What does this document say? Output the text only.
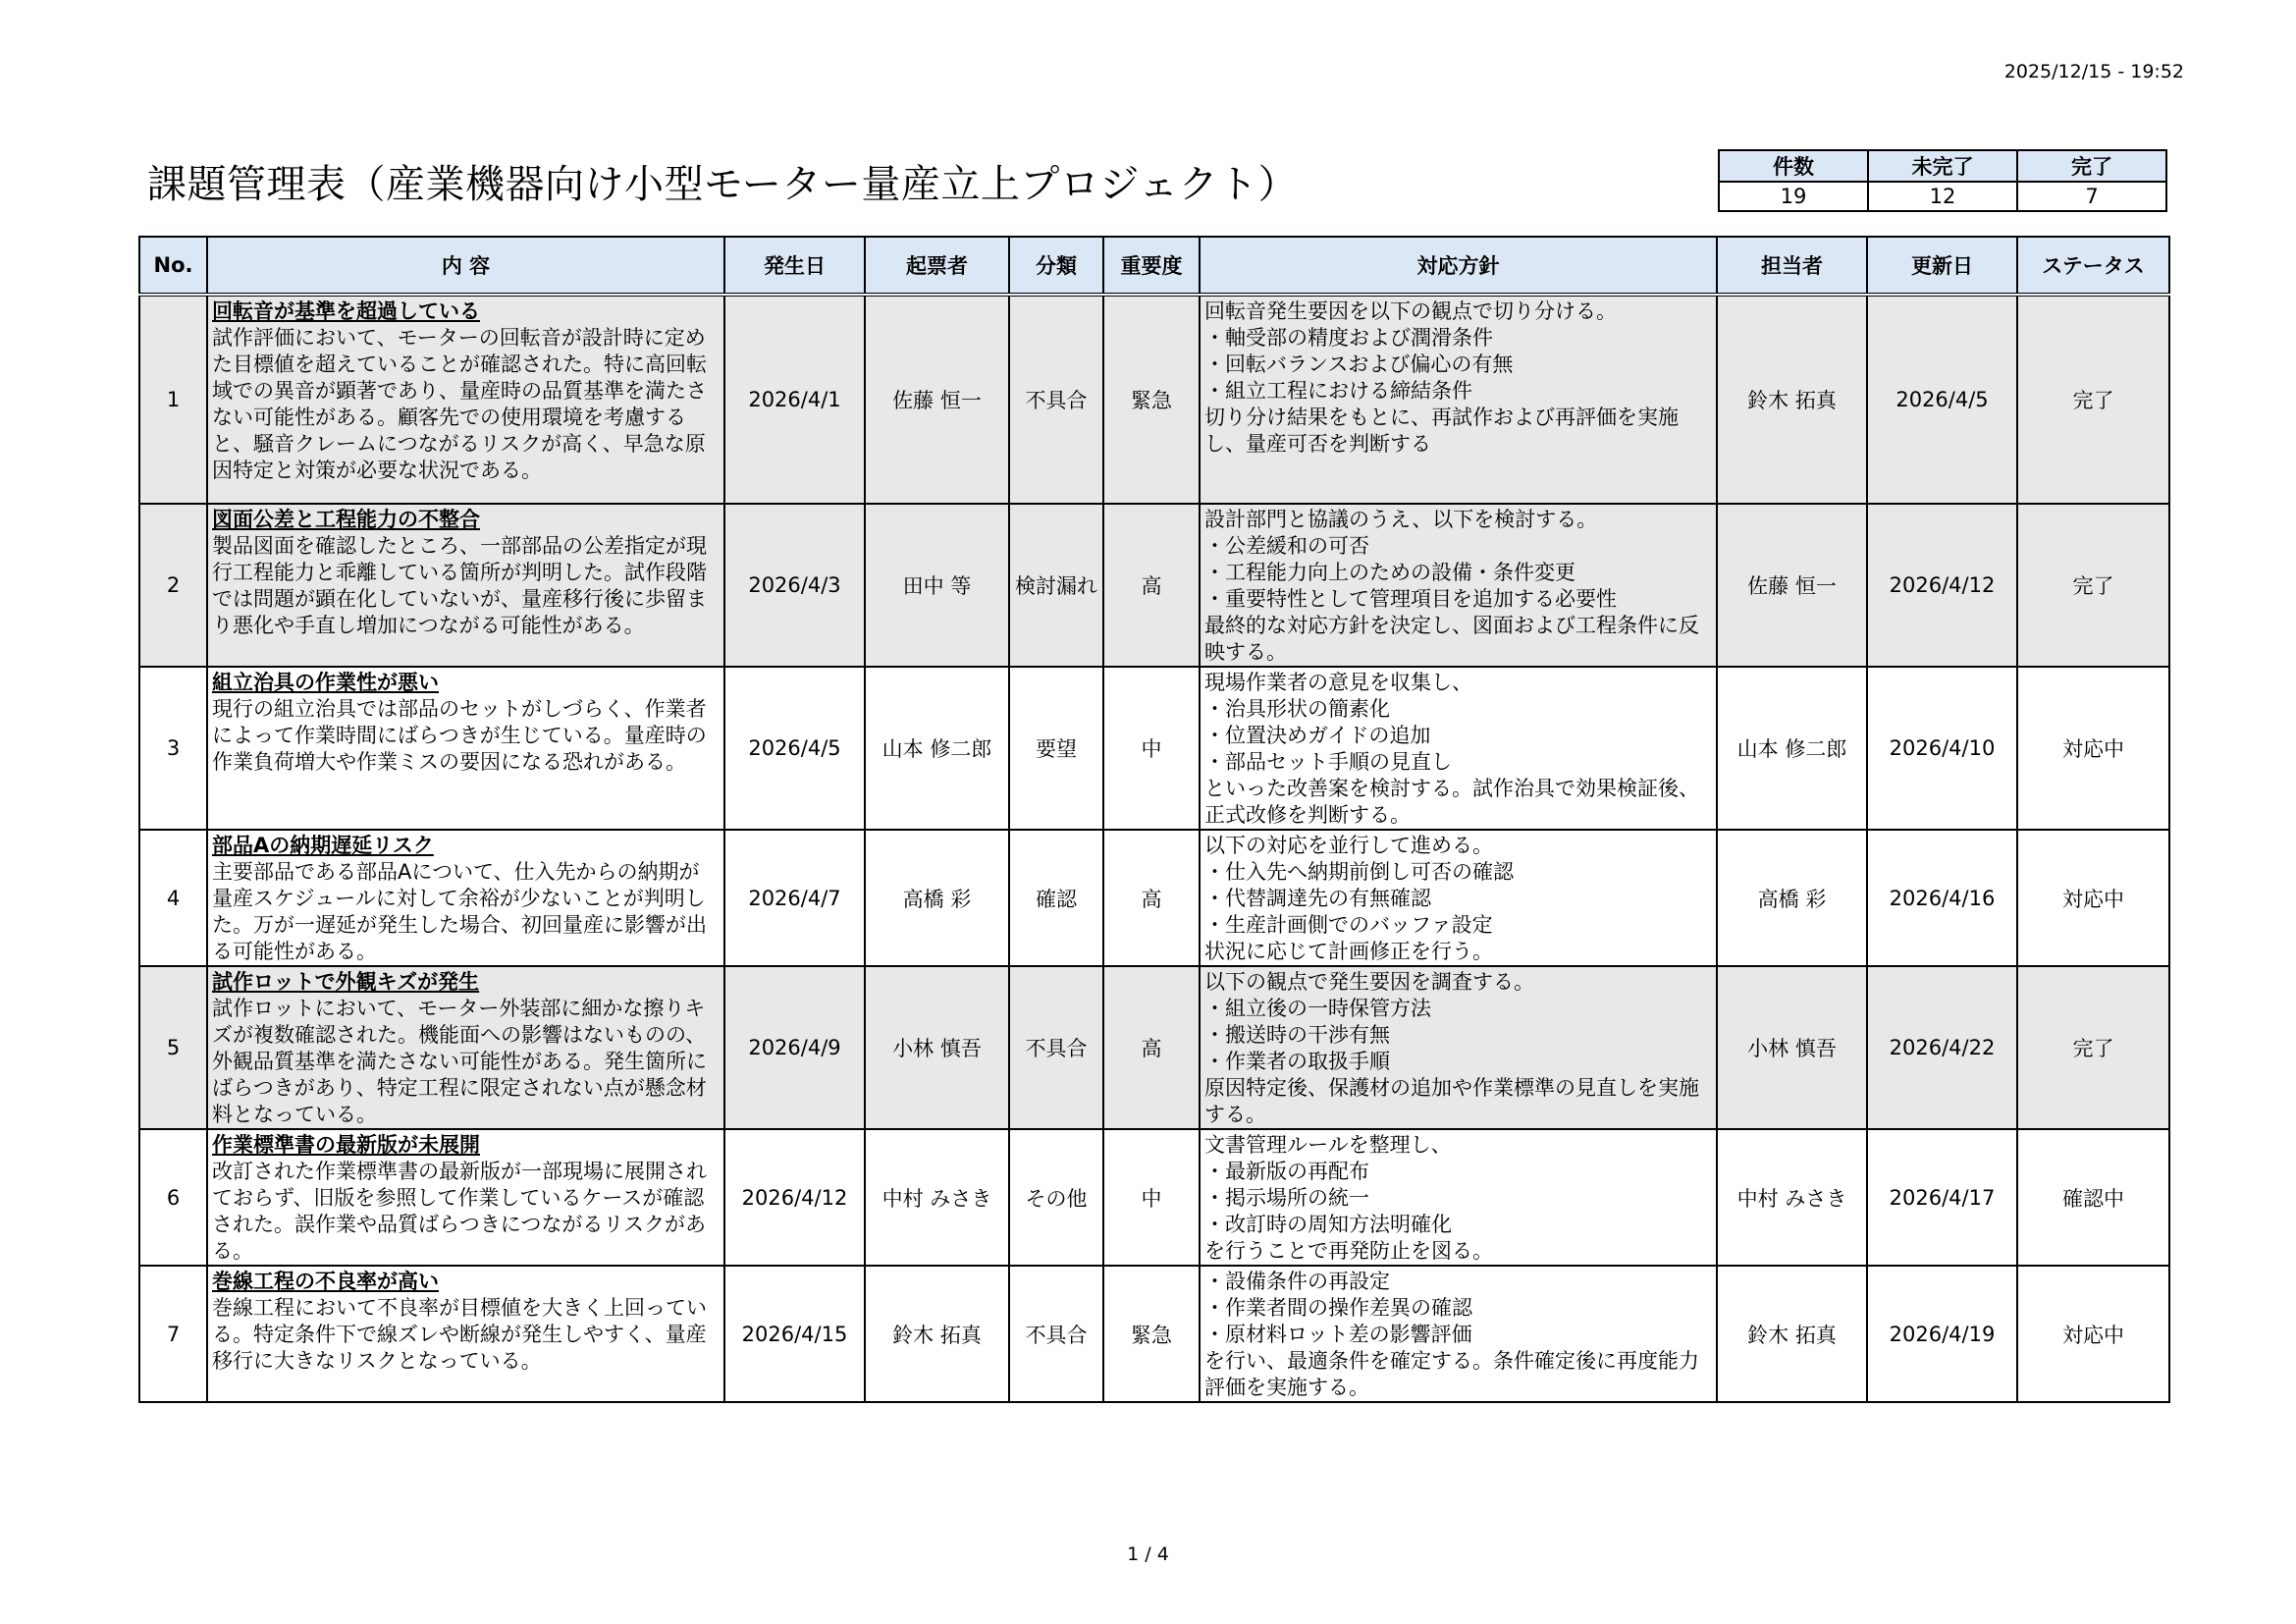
2025/12/15 - 19:52
課題管理表（産業機器向け小型モーター量産立上プロジェクト）	件数	未完了	完了
19	12	7
No.	内 容	発生日	起票者	分類	重要度	対応方針	担当者	更新日	ステータス
1	回転音が基準を超過している
試作評価において、モーターの回転音が設計時に定めた目標値を超えていることが確認された。特に高回転域での異音が顕著であり、量産時の品質基準を満たさない可能性がある。顧客先での使用環境を考慮すると、騒音クレームにつながるリスクが高く、早急な原因特定と対策が必要な状況である。	2026/4/1	佐藤 恒一	不具合	緊急	回転音発生要因を以下の観点で切り分ける。
・軸受部の精度および潤滑条件
・回転バランスおよび偏心の有無
・組立工程における締結条件
切り分け結果をもとに、再試作および再評価を実施し、量産可否を判断する	鈴木 拓真	2026/4/5	完了
2	図面公差と工程能力の不整合
製品図面を確認したところ、一部部品の公差指定が現行工程能力と乖離している箇所が判明した。試作段階では問題が顕在化していないが、量産移行後に歩留まり悪化や手直し増加につながる可能性がある。	2026/4/3	田中 等	検討漏れ	高	設計部門と協議のうえ、以下を検討する。
・公差緩和の可否
・工程能力向上のための設備・条件変更
・重要特性として管理項目を追加する必要性
最終的な対応方針を決定し、図面および工程条件に反映する。	佐藤 恒一	2026/4/12	完了
3	組立治具の作業性が悪い
現行の組立治具では部品のセットがしづらく、作業者によって作業時間にばらつきが生じている。量産時の作業負荷増大や作業ミスの要因になる恐れがある。	2026/4/5	山本 修二郎	要望	中	現場作業者の意見を収集し、
・治具形状の簡素化
・位置決めガイドの追加
・部品セット手順の見直し
といった改善案を検討する。試作治具で効果検証後、正式改修を判断する。	山本 修二郎	2026/4/10	対応中
4	部品Aの納期遅延リスク
主要部品である部品Aについて、仕入先からの納期が量産スケジュールに対して余裕が少ないことが判明した。万が一遅延が発生した場合、初回量産に影響が出る可能性がある。	2026/4/7	高橋 彩	確認	高	以下の対応を並行して進める。
・仕入先へ納期前倒し可否の確認
・代替調達先の有無確認
・生産計画側でのバッファ設定
状況に応じて計画修正を行う。	高橋 彩	2026/4/16	対応中
5	試作ロットで外観キズが発生
試作ロットにおいて、モーター外装部に細かな擦りキズが複数確認された。機能面への影響はないものの、外観品質基準を満たさない可能性がある。発生箇所にばらつきがあり、特定工程に限定されない点が懸念材料となっている。	2026/4/9	小林 慎吾	不具合	高	以下の観点で発生要因を調査する。
・組立後の一時保管方法
・搬送時の干渉有無
・作業者の取扱手順
原因特定後、保護材の追加や作業標準の見直しを実施する。	小林 慎吾	2026/4/22	完了
6	作業標準書の最新版が未展開
改訂された作業標準書の最新版が一部現場に展開されておらず、旧版を参照して作業しているケースが確認された。誤作業や品質ばらつきにつながるリスクがある。	2026/4/12	中村 みさき	その他	中	文書管理ルールを整理し、
・最新版の再配布
・掲示場所の統一
・改訂時の周知方法明確化
を行うことで再発防止を図る。	中村 みさき	2026/4/17	確認中
7	巻線工程の不良率が高い
巻線工程において不良率が目標値を大きく上回っている。特定条件下で線ズレや断線が発生しやすく、量産移行に大きなリスクとなっている。	2026/4/15	鈴木 拓真	不具合	緊急	・設備条件の再設定
・作業者間の操作差異の確認
・原材料ロット差の影響評価
を行い、最適条件を確定する。条件確定後に再度能力評価を実施する。	鈴木 拓真	2026/4/19	対応中
1 / 4
